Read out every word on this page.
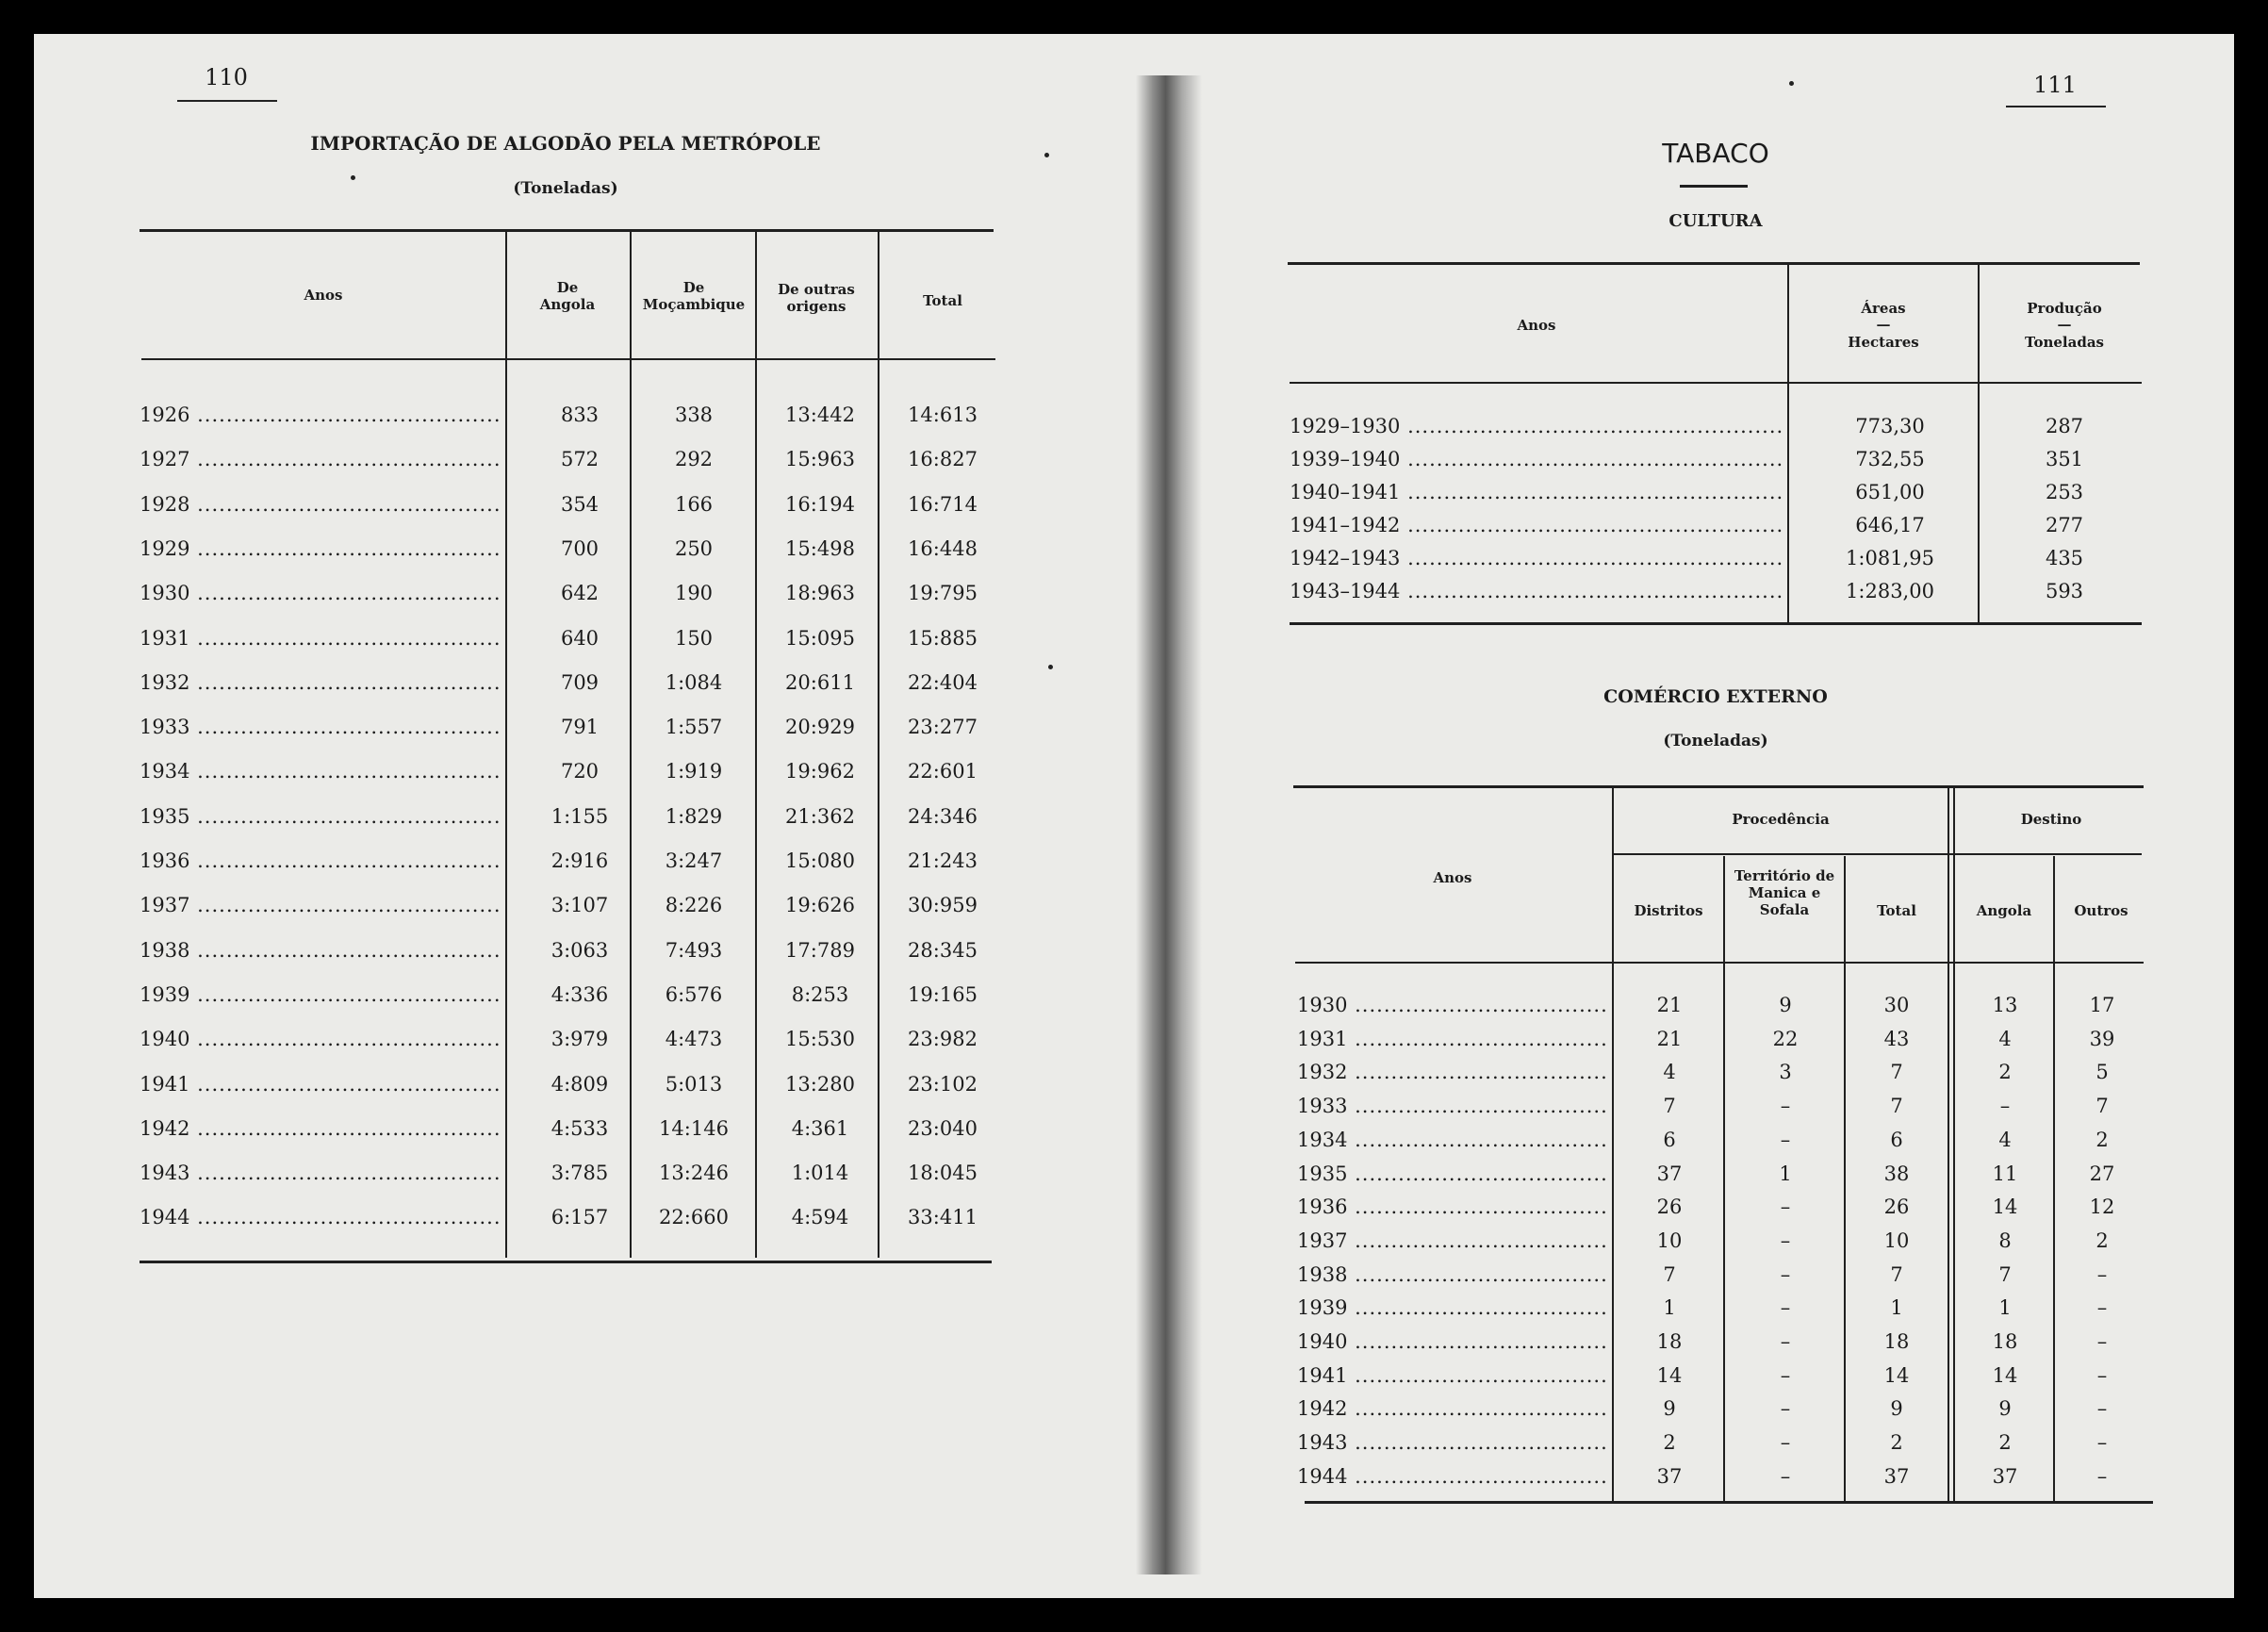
110
IMPORTAÇÃO DE ALGODÃO PELA METRÓPOLE
(Toneladas)
Anos	De Angola
De Moçambique
De outras origens	Total
1926 .....	833	338	13:442	14:613
1927 .....	572	292	15:963	16:827
1928 .....	354	166	16:194	16:714
1929 .....	700	250	15:498	16:448
1930 .....	642	190	18:963	19:795
1931 .....	640	150	15:095	15:885
1932 .....	709	1:084	20:611	22:404
1933 .....	791	1:557	20:929	23:277
1934 .....	720	1:919	19:962	22:601
1935 .....	1:155	1:829	21:362	24:346
1936 .....	2:916	3:247	15:080	21:243
1937 .....	3:107	8:226	19:626	30:959
1938 .....	3:063	7:493	17:789	28:345
1939 .....	4:336	6:576	8:253	19:165
1940 .....	3:979	4:473	15:530	23:982
1941 .....	4:809	5:013	13:280	23:102
1942 .....	4:533	14:146	4:361	23:040
1943 .....	3:785	13:246	1:014	18:045
1944 .....	6:157	22:660	4:594	33:411
111
TABACO
CULTURA
Anos
Áreas
—
Hectares
Produção
—
Toneladas
1929–1930 .....	773,30	287
1939–1940 .....	732,55	351
1940–1941 .....	651,00	253
1941–1942 .....	646,17	277
1942–1943 .....	1:081,95	435
1943–1944 .....	1:283,00	593
COMÉRCIO EXTERNO
(Toneladas)
Anos
Procedência	Destino
Distritos
Território de Manica e Sofala	Total	Angola	Outros
1930 .....	21	9	30	13	17
1931 .....	21	22	43	4	39
1932 .....	4	3	7	2	5
1933 .....	7	–	7	–	7
1934 .....	6	–	6	4	2
1935 .....	37	1	38	11	27
1936 .....	26	–	26	14	12
1937 .....	10	–	10	8	2
1938 .....	7	–	7	7	–
1939 .....	1	–	1	1	–
1940 .....	18	–	18	18	–
1941 .....	14	–	14	14	–
1942 .....	9	–	9	9	–
1943 .....	2	–	2	2	–
1944 .....	37	–	37	37	–
